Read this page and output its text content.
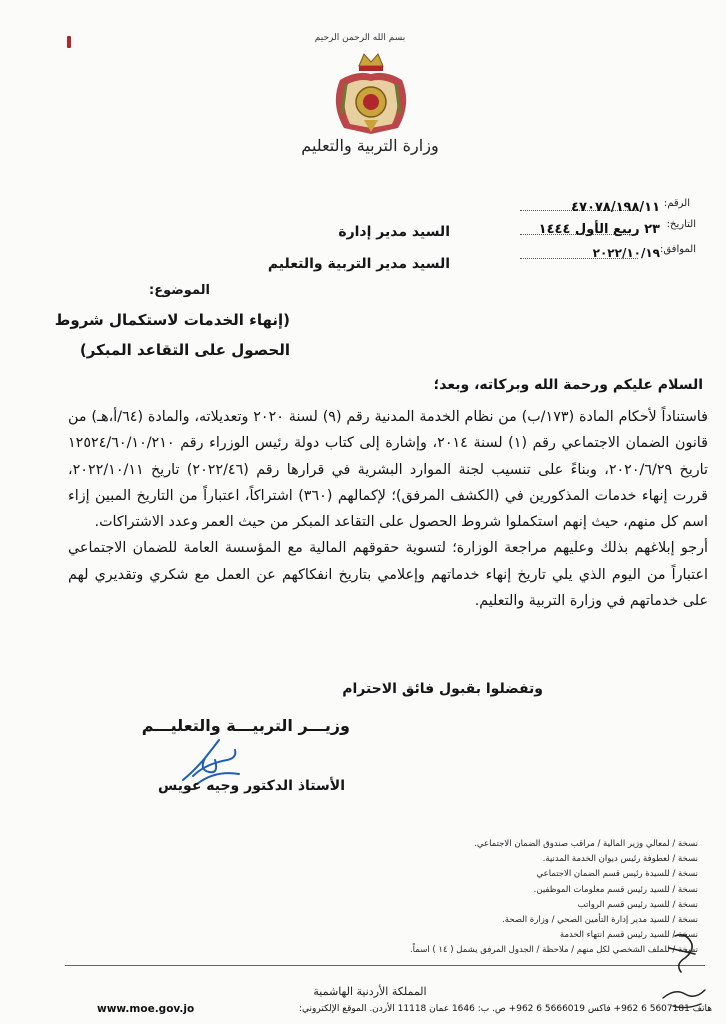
بسم الله الرحمن الرحيم
وزارة التربية والتعليم
الرقم:
٤٧٠٧٨/١٩٨/١١
التاريخ:
٢٣ ربيع الأول ١٤٤٤
الموافق:
٢٠٢٢/١٠/١٩
السيد مدير إدارة
السيد مدير التربية والتعليم
الموضوع:
(إنهاء الخدمات لاستكمال شروط
الحصول على التقاعد المبكر)
السلام عليكم ورحمة الله وبركاته، وبعد؛

فاستناداً لأحكام المادة (١٧٣/ب) من نظام الخدمة المدنية رقم (٩) لسنة ٢٠٢٠ وتعديلاته، والمادة (٦٤/أ،هـ) من قانون الضمان الاجتماعي رقم (١) لسنة ٢٠١٤، وإشارة إلى كتاب دولة رئيس الوزراء رقم ١٢٥٢٤/٦٠/١٠/٢١٠ تاريخ ٢٠٢٠/٦/٢٩، وبناءً على تنسيب لجنة الموارد البشرية في قرارها رقم (٢٠٢٢/٤٦) تاريخ ٢٠٢٢/١٠/١١، قررت إنهاء خدمات المذكورين في (الكشف المرفق)؛ لإكمالهم (٣٦٠) اشتراكاً، اعتباراً من التاريخ المبين إزاء اسم كل منهم، حيث إنهم استكملوا شروط الحصول على التقاعد المبكر من حيث العمر وعدد الاشتراكات.

أرجو إبلاغهم بذلك وعليهم مراجعة الوزارة؛ لتسوية حقوقهم المالية مع المؤسسة العامة للضمان الاجتماعي اعتباراً من اليوم الذي يلي تاريخ إنهاء خدماتهم وإعلامي بتاريخ انفكاكهم عن العمل مع شكري وتقديري لهم على خدماتهم في وزارة التربية والتعليم.

وتفضلوا بقبول فائق الاحترام
وزيـــر التربيـــة والتعليـــم
الأستاذ الدكتور وجيه عويس
نسخة / لمعالي وزير المالية / مراقب صندوق الضمان الاجتماعي.
نسخة / لعطوفة رئيس ديوان الخدمة المدنية.
نسخة / للسيدة رئيس قسم الضمان الاجتماعي
نسخة / للسيد رئيس قسم معلومات الموظفين.
نسخة / للسيد رئيس قسم الرواتب
نسخة / للسيد مدير إدارة التأمين الصحي / وزارة الصحة.
نسخة / للسيد رئيس قسم انتهاء الخدمة
نسخة / للملف الشخصي لكل منهم / ملاحظة / الجدول المرفق يشمل ( ١٤ ) اسماً.
المملكة الأردنية الهاشمية
هاتف 5607181 6 962+ فاكس 5666019 6 962+ ص. ب: 1646 عمان 11118 الأردن. الموقع الإلكتروني:
www.moe.gov.jo
